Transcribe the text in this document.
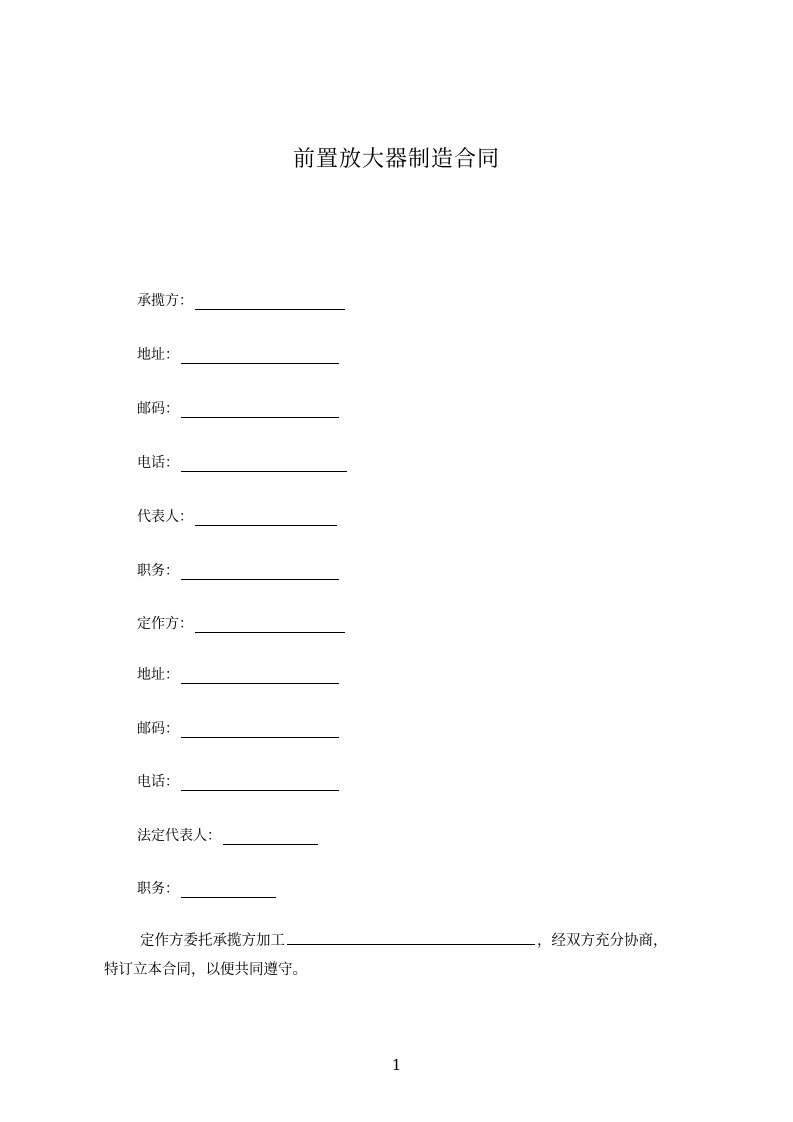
前置放大器制造合同
承揽方：
地址：
邮码：
电话：
代表人：
职务：
定作方：
地址：
邮码：
电话：
法定代表人：
职务：
定作方委托承揽方加工	，经双方充分协商，
特订立本合同，以便共同遵守。
1
